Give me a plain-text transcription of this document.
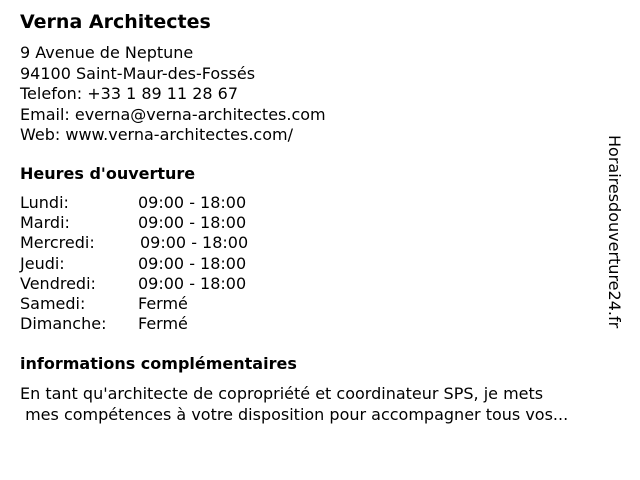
Verna Architectes
9 Avenue de Neptune
94100 Saint-Maur-des-Fossés
Telefon: +33 1 89 11 28 67
Email: everna@verna-architectes.com
Web: www.verna-architectes.com/
Heures d'ouverture
Lundi:	09:00 - 18:00
Mardi:	09:00 - 18:00
Mercredi:	09:00 - 18:00
Jeudi:	09:00 - 18:00
Vendredi:	09:00 - 18:00
Samedi:	Fermé
Dimanche: Fermé
informations complémentaires
En tant qu'architecte de copropriété et coordinateur SPS, je mets
mes compétences à votre disposition pour accompagner tous vos...
Horairesdouverture24.fr
